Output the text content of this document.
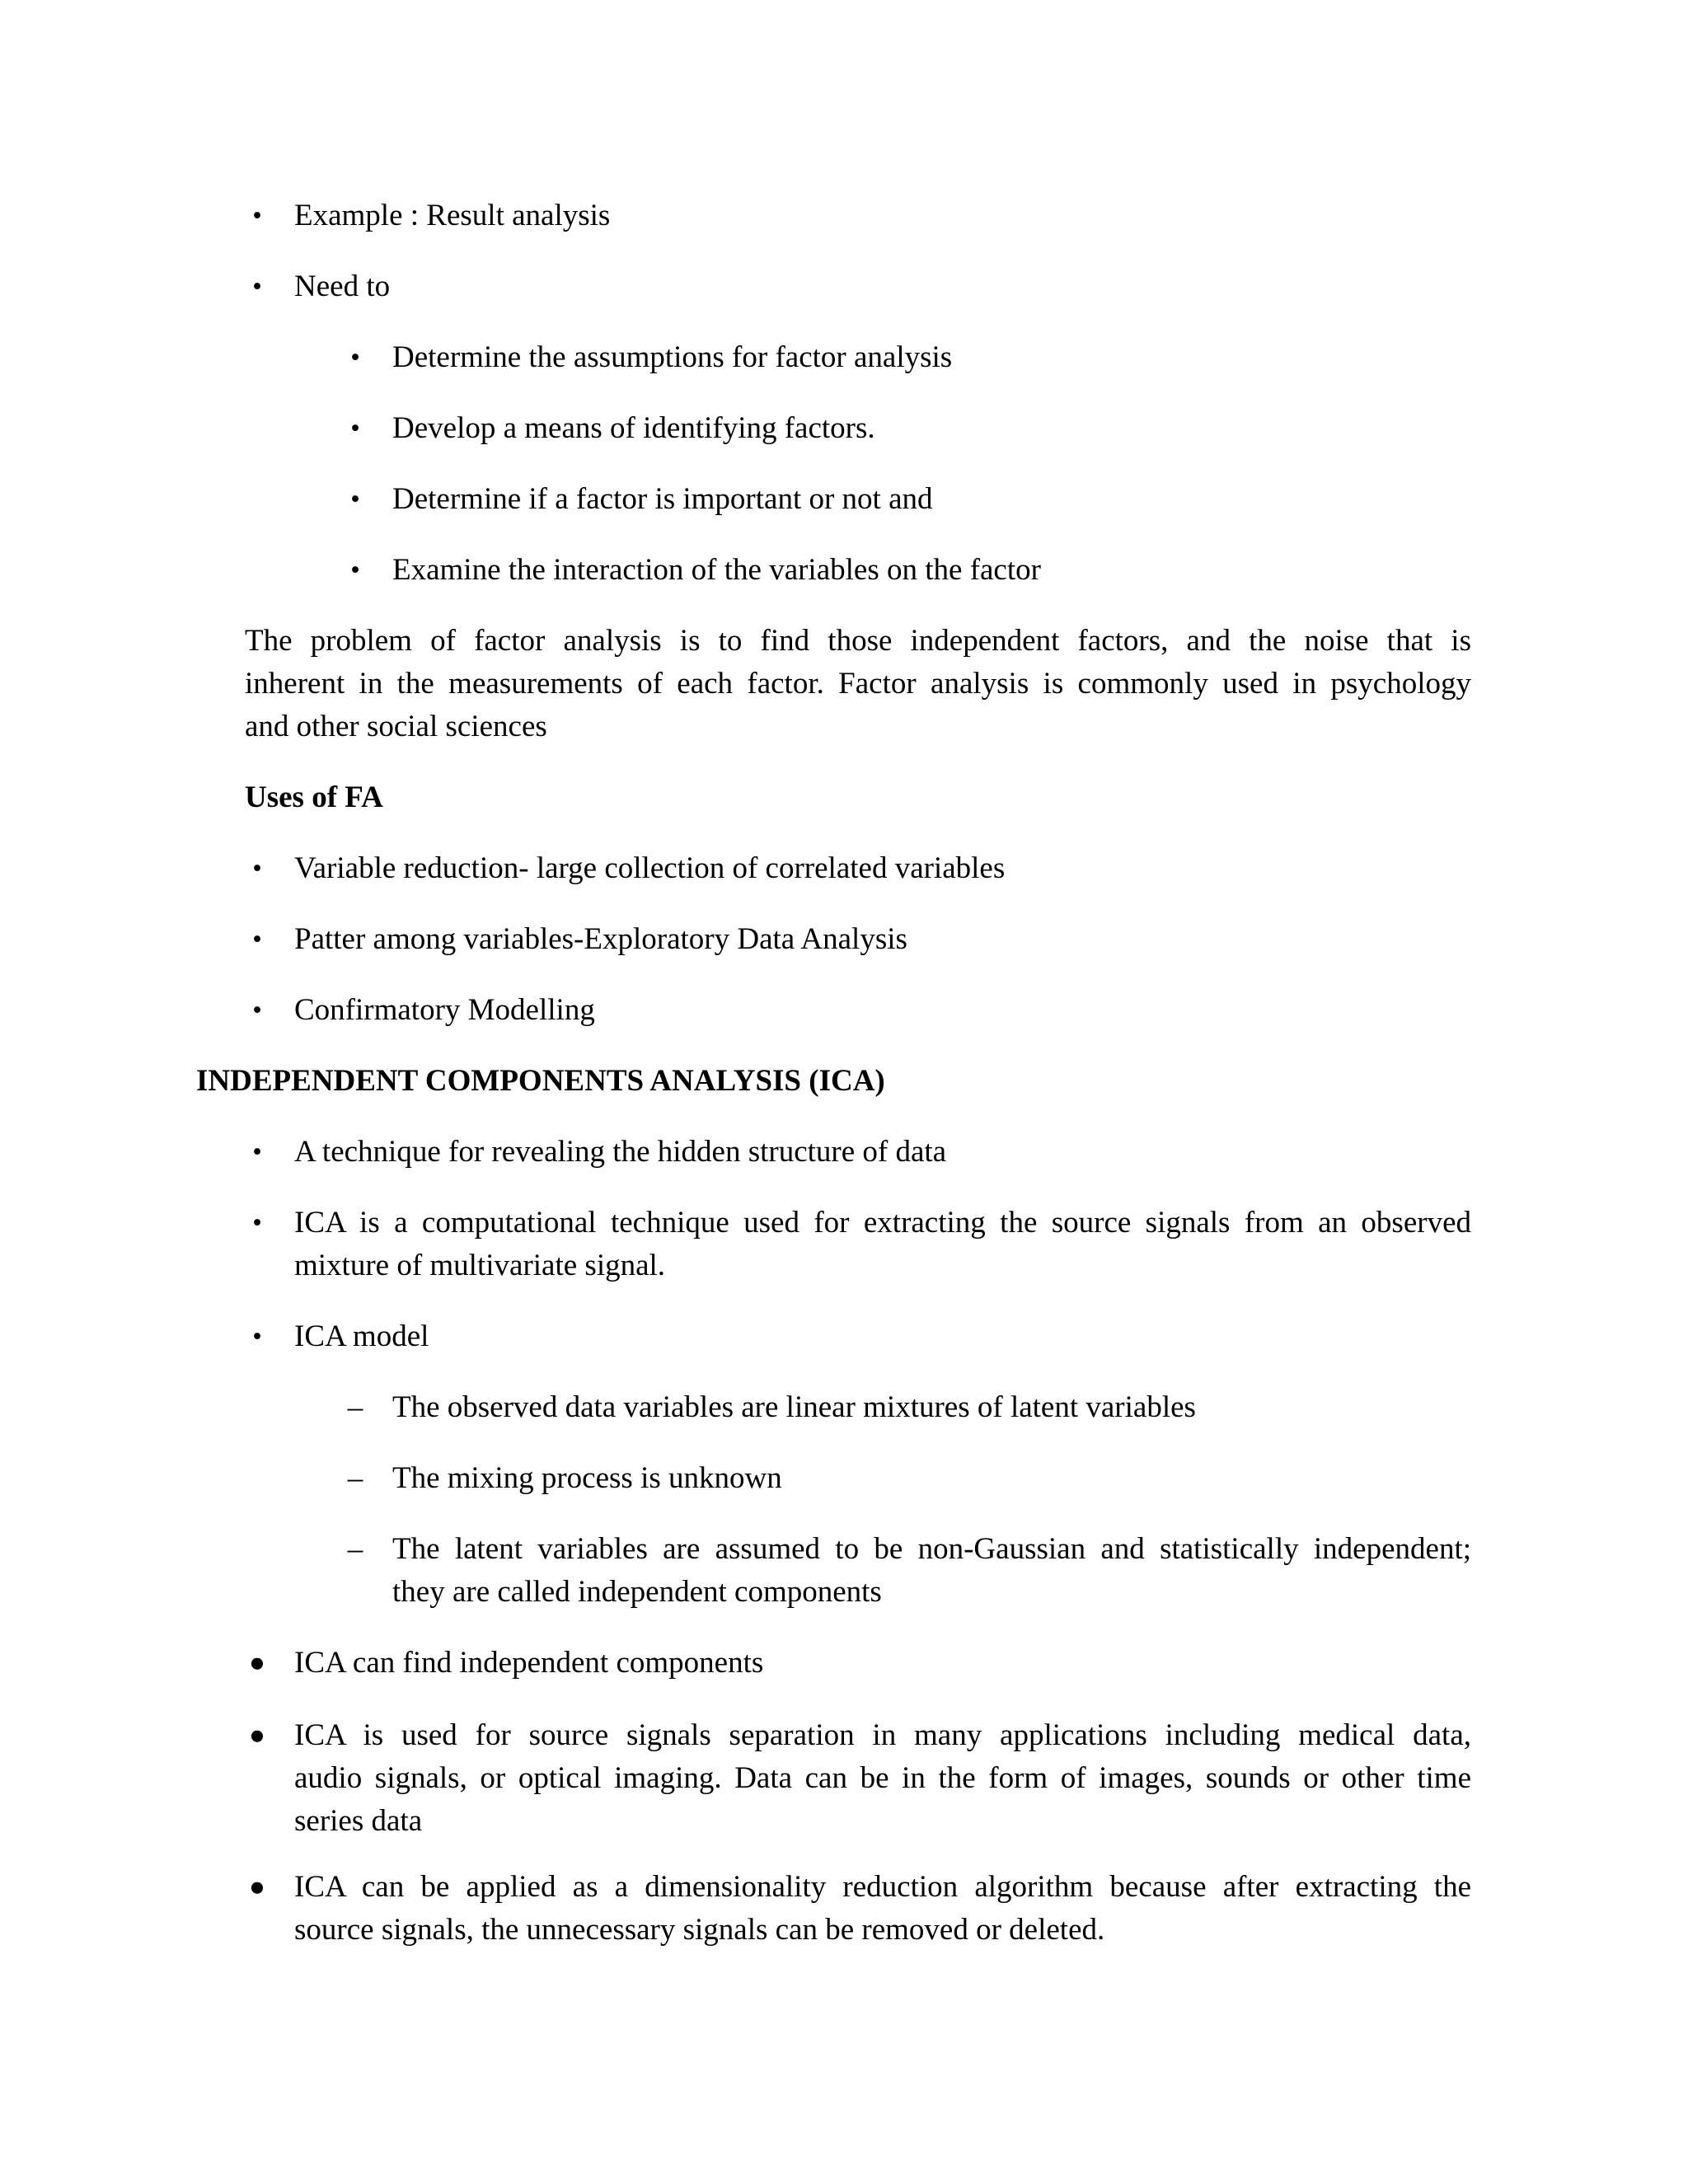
• Example : Result analysis
• Need to
• Determine the assumptions for factor analysis
• Develop a means of identifying factors.
• Determine if a factor is important or not and
• Examine the interaction of the variables on the factor
The problem of factor analysis is to find those independent factors, and the noise that is
inherent in the measurements of each factor. Factor analysis is commonly used in psychology
and other social sciences
Uses of FA
• Variable reduction- large collection of correlated variables
• Patter among variables-Exploratory Data Analysis
• Confirmatory Modelling
INDEPENDENT COMPONENTS ANALYSIS (ICA)
• A technique for revealing the hidden structure of data
• ICA is a computational technique used for extracting the source signals from an observed
mixture of multivariate signal.
• ICA model
– The observed data variables are linear mixtures of latent variables
– The mixing process is unknown
– The latent variables are assumed to be non-Gaussian and statistically independent;
they are called independent components
● ICA can find independent components
● ICA is used for source signals separation in many applications including medical data,
audio signals, or optical imaging. Data can be in the form of images, sounds or other time
series data
● ICA can be applied as a dimensionality reduction algorithm because after extracting the
source signals, the unnecessary signals can be removed or deleted.
